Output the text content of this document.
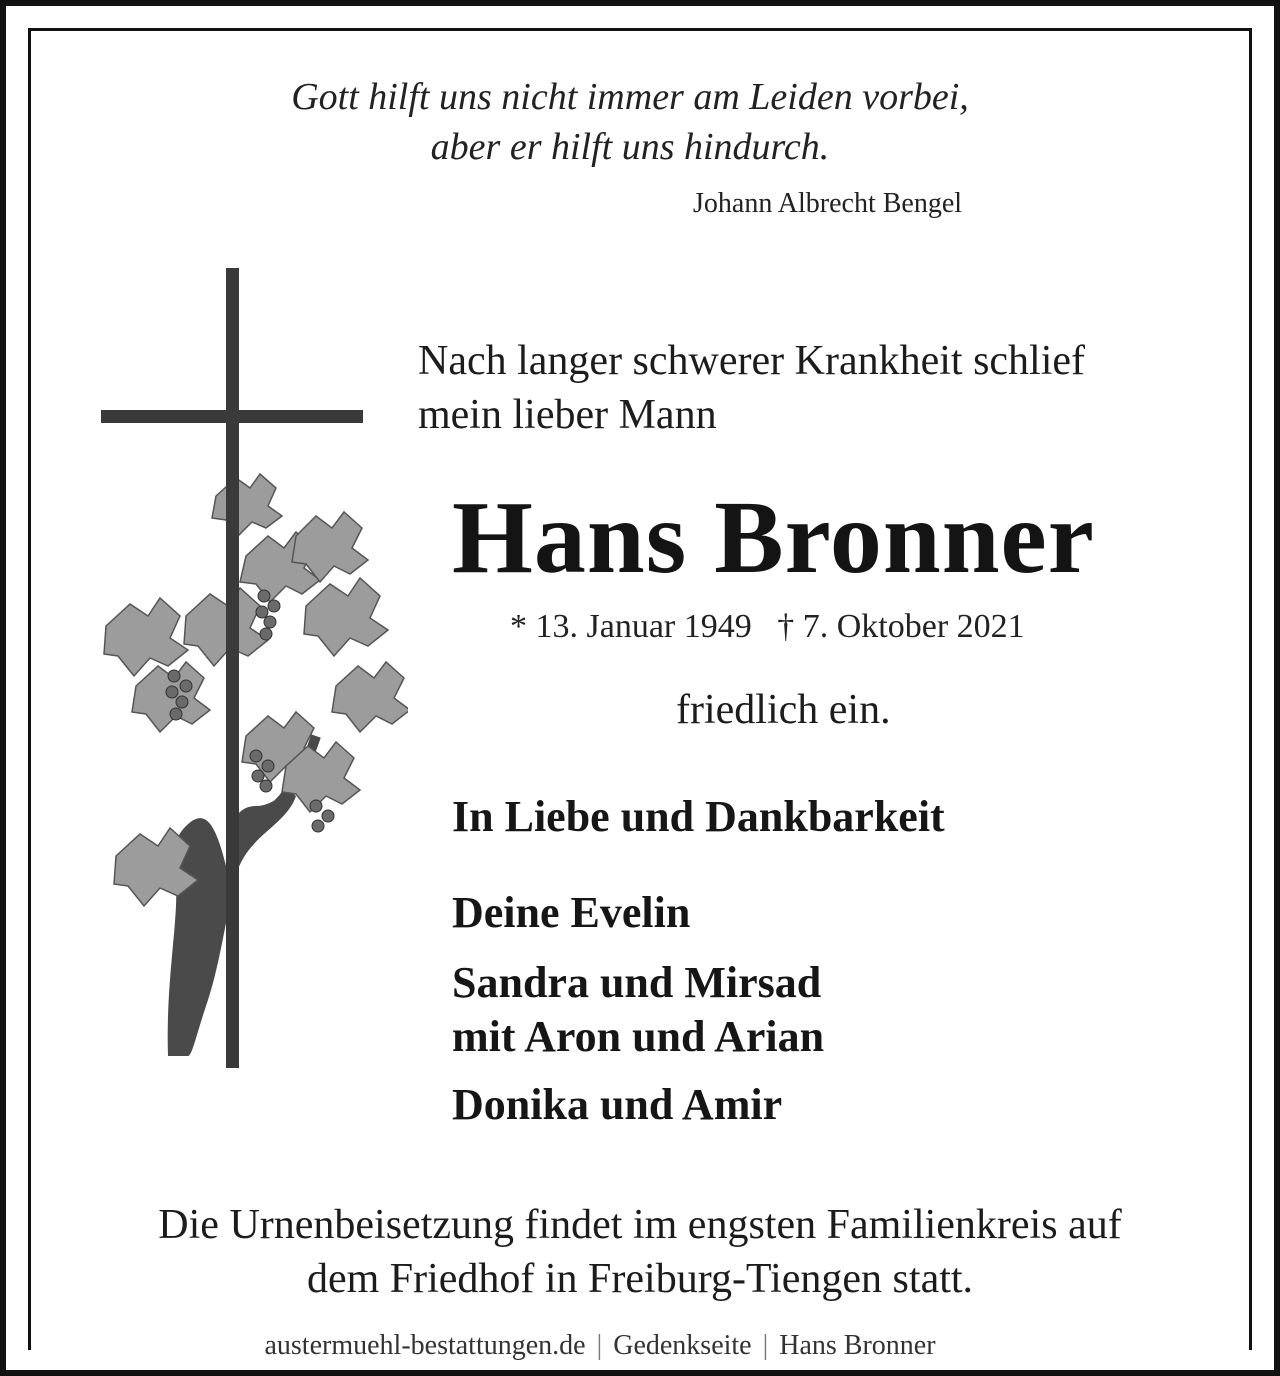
Gott hilft uns nicht immer am Leiden vorbei,
aber er hilft uns hindurch.
Johann Albrecht Bengel
Nach langer schwerer Krankheit schlief
mein lieber Mann
Hans Bronner
* 13. Januar 1949   † 7. Oktober 2021
friedlich ein.
In Liebe und Dankbarkeit
Deine Evelin
Sandra und Mirsad
mit Aron und Arian
Donika und Amir
Die Urnenbeisetzung findet im engsten Familienkreis auf
dem Friedhof in Freiburg-Tiengen statt.
austermuehl-bestattungen.de | Gedenkseite | Hans Bronner
